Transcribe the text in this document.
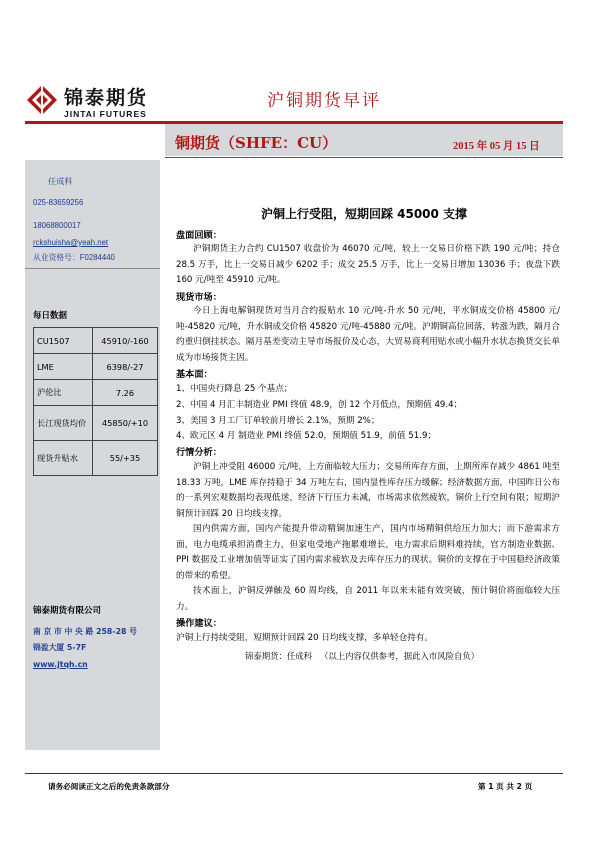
锦泰期货
JINTAI FUTURES
沪铜期货早评
铜期货（SHFE：CU）	2015 年 05 月 15 日
任成科
025-83659256
18068800017
rckshuisha@yeah.net
从业资格号：F0284440
每日数据
CU1507	45910/-160
LME	6398/-27
沪伦比	7.26
长江现货均价	45850/+10
现货升贴水	55/+35
锦泰期货有限公司
南 京 市 中 央 路 258-28 号
锦盈大厦 5-7F
www.jtqh.cn
沪铜上行受阻，短期回踩 45000 支撑
盘面回顾：
沪铜期货主力合约 CU1507 收盘价为 46070 元/吨，较上一交易日价格下跌 190 元/吨；持仓 28.5 万手，比上一交易日减少 6202 手；成交 25.5 万手，比上一交易日增加 13036 手；夜盘下跌 160 元/吨至 45910 元/吨。
现货市场：
今日上海电解铜现货对当月合约报贴水 10 元/吨-升水 50 元/吨，平水铜成交价格 45800 元/吨-45820 元/吨，升水铜成交价格 45820 元/吨-45880 元/吨。沪期铜高位回落，转涨为跌，隔月合约重归倒挂状态。隔月基差变动主导市场报价及心态，大贸易商利用贴水或小幅升水状态换货交长单成为市场接货主因。
基本面：
1、中国央行降息 25 个基点；
2、中国 4 月汇丰制造业 PMI 终值 48.9，创 12 个月低点，预期值 49.4；
3、美国 3 月工厂订单较前月增长 2.1%，预期 2%；
4、欧元区 4 月 制造业 PMI 终值 52.0，预期值 51.9，前值 51.9；
行情分析：
沪铜上冲受阻 46000 元/吨，上方面临较大压力；交易所库存方面，上期所库存减少 4861 吨至 18.33 万吨，LME 库存持稳于 34 万吨左右，国内显性库存压力缓解；经济数据方面，中国昨日公布的一系列宏观数据均表现低迷，经济下行压力未减，市场需求依然疲软，铜价上行空间有限；短期沪铜预计回踩 20 日均线支撑。
国内供需方面，国内产能提升带动精铜加速生产，国内市场精铜供给压力加大；而下游需求方面，电力电缆承担消费主力，但家电受地产拖累难增长，电力需求后期料难持续，官方制造业数据、PPI 数据及工业增加值等证实了国内需求疲软及去库存压力的现状。铜价的支撑在于中国稳经济政策的带来的希望。
技术面上，沪铜反弹触及 60 周均线，自 2011 年以来未能有效突破，预计铜价将面临较大压力。
操作建议：
沪铜上行持续受阻，短期预计回踩 20 日均线支撑，多单轻仓持有。
锦泰期货：任成科   （以上内容仅供参考，据此入市风险自负）
请务必阅读正文之后的免责条款部分	第 1 页 共 2 页
